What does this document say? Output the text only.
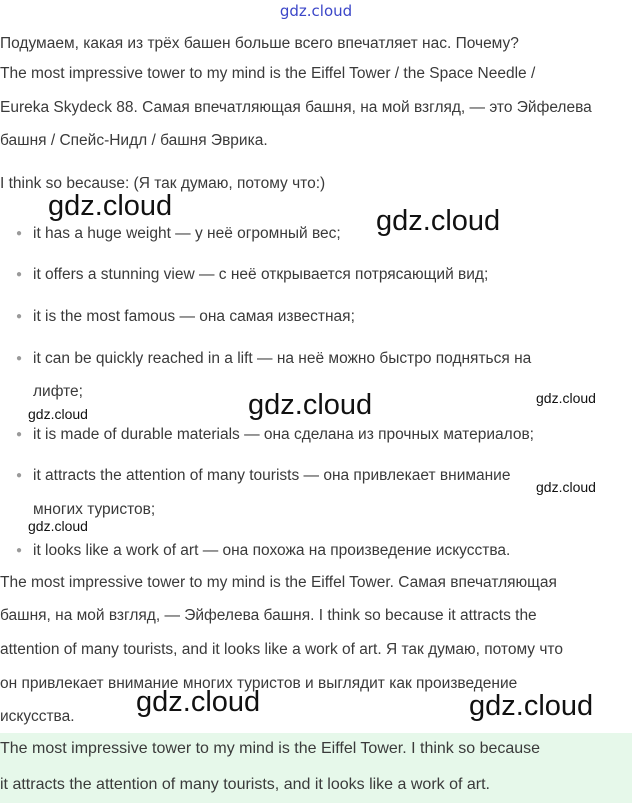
gdz.cloud
Подумаем, какая из трёх башен больше всего впечатляет нас. Почему?
The most impressive tower to my mind is the Eiffel Tower / the Space Needle /
Eureka Skydeck 88. Самая впечатляющая башня, на мой взгляд, — это Эйфелева
башня / Спейс-Нидл / башня Эврика.
I think so because: (Я так думаю, потому что:)
● it has a huge weight — у неё огромный вес;
● it offers a stunning view — с неё открывается потрясающий вид;
● it is the most famous — она самая известная;
● it can be quickly reached in a lift — на неё можно быстро подняться на
лифте;
● it is made of durable materials — она сделана из прочных материалов;
● it attracts the attention of many tourists — она привлекает внимание
многих туристов;
● it looks like a work of art — она похожа на произведение искусства.
The most impressive tower to my mind is the Eiffel Tower. Самая впечатляющая
башня, на мой взгляд, — Эйфелева башня. I think so because it attracts the
attention of many tourists, and it looks like a work of art. Я так думаю, потому что
он привлекает внимание многих туристов и выглядит как произведение
искусства.
The most impressive tower to my mind is the Eiffel Tower. I think so because
it attracts the attention of many tourists, and it looks like a work of art.
gdz.cloud	gdz.cloud
gdz.cloud
gdz.cloud
gdz.cloud
gdz.cloud
gdz.cloud
gdz.cloud	gdz.cloud
